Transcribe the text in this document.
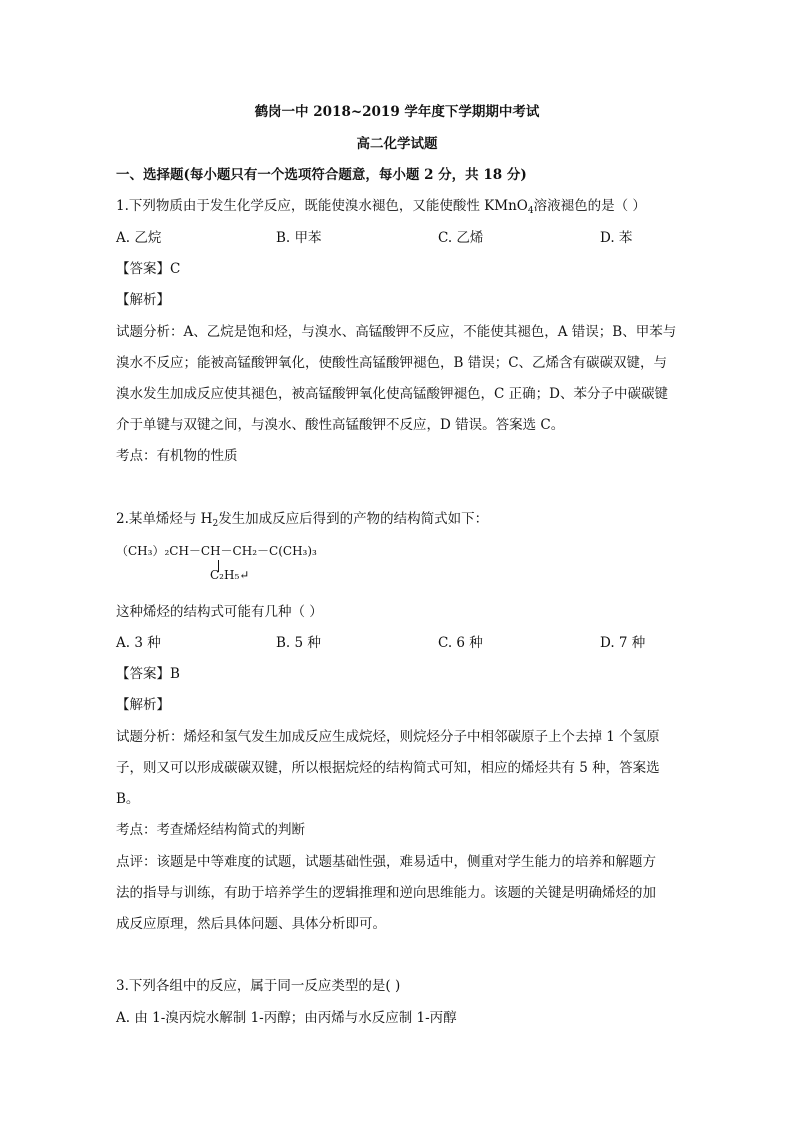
鹤岗一中 2018~2019 学年度下学期期中考试
高二化学试题
一、选择题(每小题只有一个选项符合题意，每小题 2 分，共 18 分)
1.下列物质由于发生化学反应，既能使溴水褪色，又能使酸性 KMnO$_4$溶液褪色的是（ ）
A. 乙烷	B. 甲苯	C. 乙烯	D. 苯
【答案】C
【解析】
试题分析：A、乙烷是饱和烃，与溴水、高锰酸钾不反应，不能使其褪色，A 错误；B、甲苯与
溴水不反应；能被高锰酸钾氧化，使酸性高锰酸钾褪色，B 错误；C、乙烯含有碳碳双键，与
溴水发生加成反应使其褪色，被高锰酸钾氧化使高锰酸钾褪色，C 正确；D、苯分子中碳碳键
介于单键与双键之间，与溴水、酸性高锰酸钾不反应，D 错误。答案选 C。
考点：有机物的性质
2.某单烯烃与 $H_2$发生加成反应后得到的产物的结构简式如下：
（CH₃）₂CH－CH－CH₂－C(CH₃)₃
C₂H₅↵
这种烯烃的结构式可能有几种（ ）
A. 3 种	B. 5 种	C. 6 种	D. 7 种
【答案】B
【解析】
试题分析：烯烃和氢气发生加成反应生成烷烃，则烷烃分子中相邻碳原子上个去掉 1 个氢原
子，则又可以形成碳碳双键，所以根据烷烃的结构简式可知，相应的烯烃共有 5 种，答案选
B。
考点：考查烯烃结构简式的判断
点评：该题是中等难度的试题，试题基础性强，难易适中，侧重对学生能力的培养和解题方
法的指导与训练，有助于培养学生的逻辑推理和逆向思维能力。该题的关键是明确烯烃的加
成反应原理，然后具体问题、具体分析即可。
3.下列各组中的反应，属于同一反应类型的是( )
A. 由 1-溴丙烷水解制 1-丙醇；由丙烯与水反应制 1-丙醇
